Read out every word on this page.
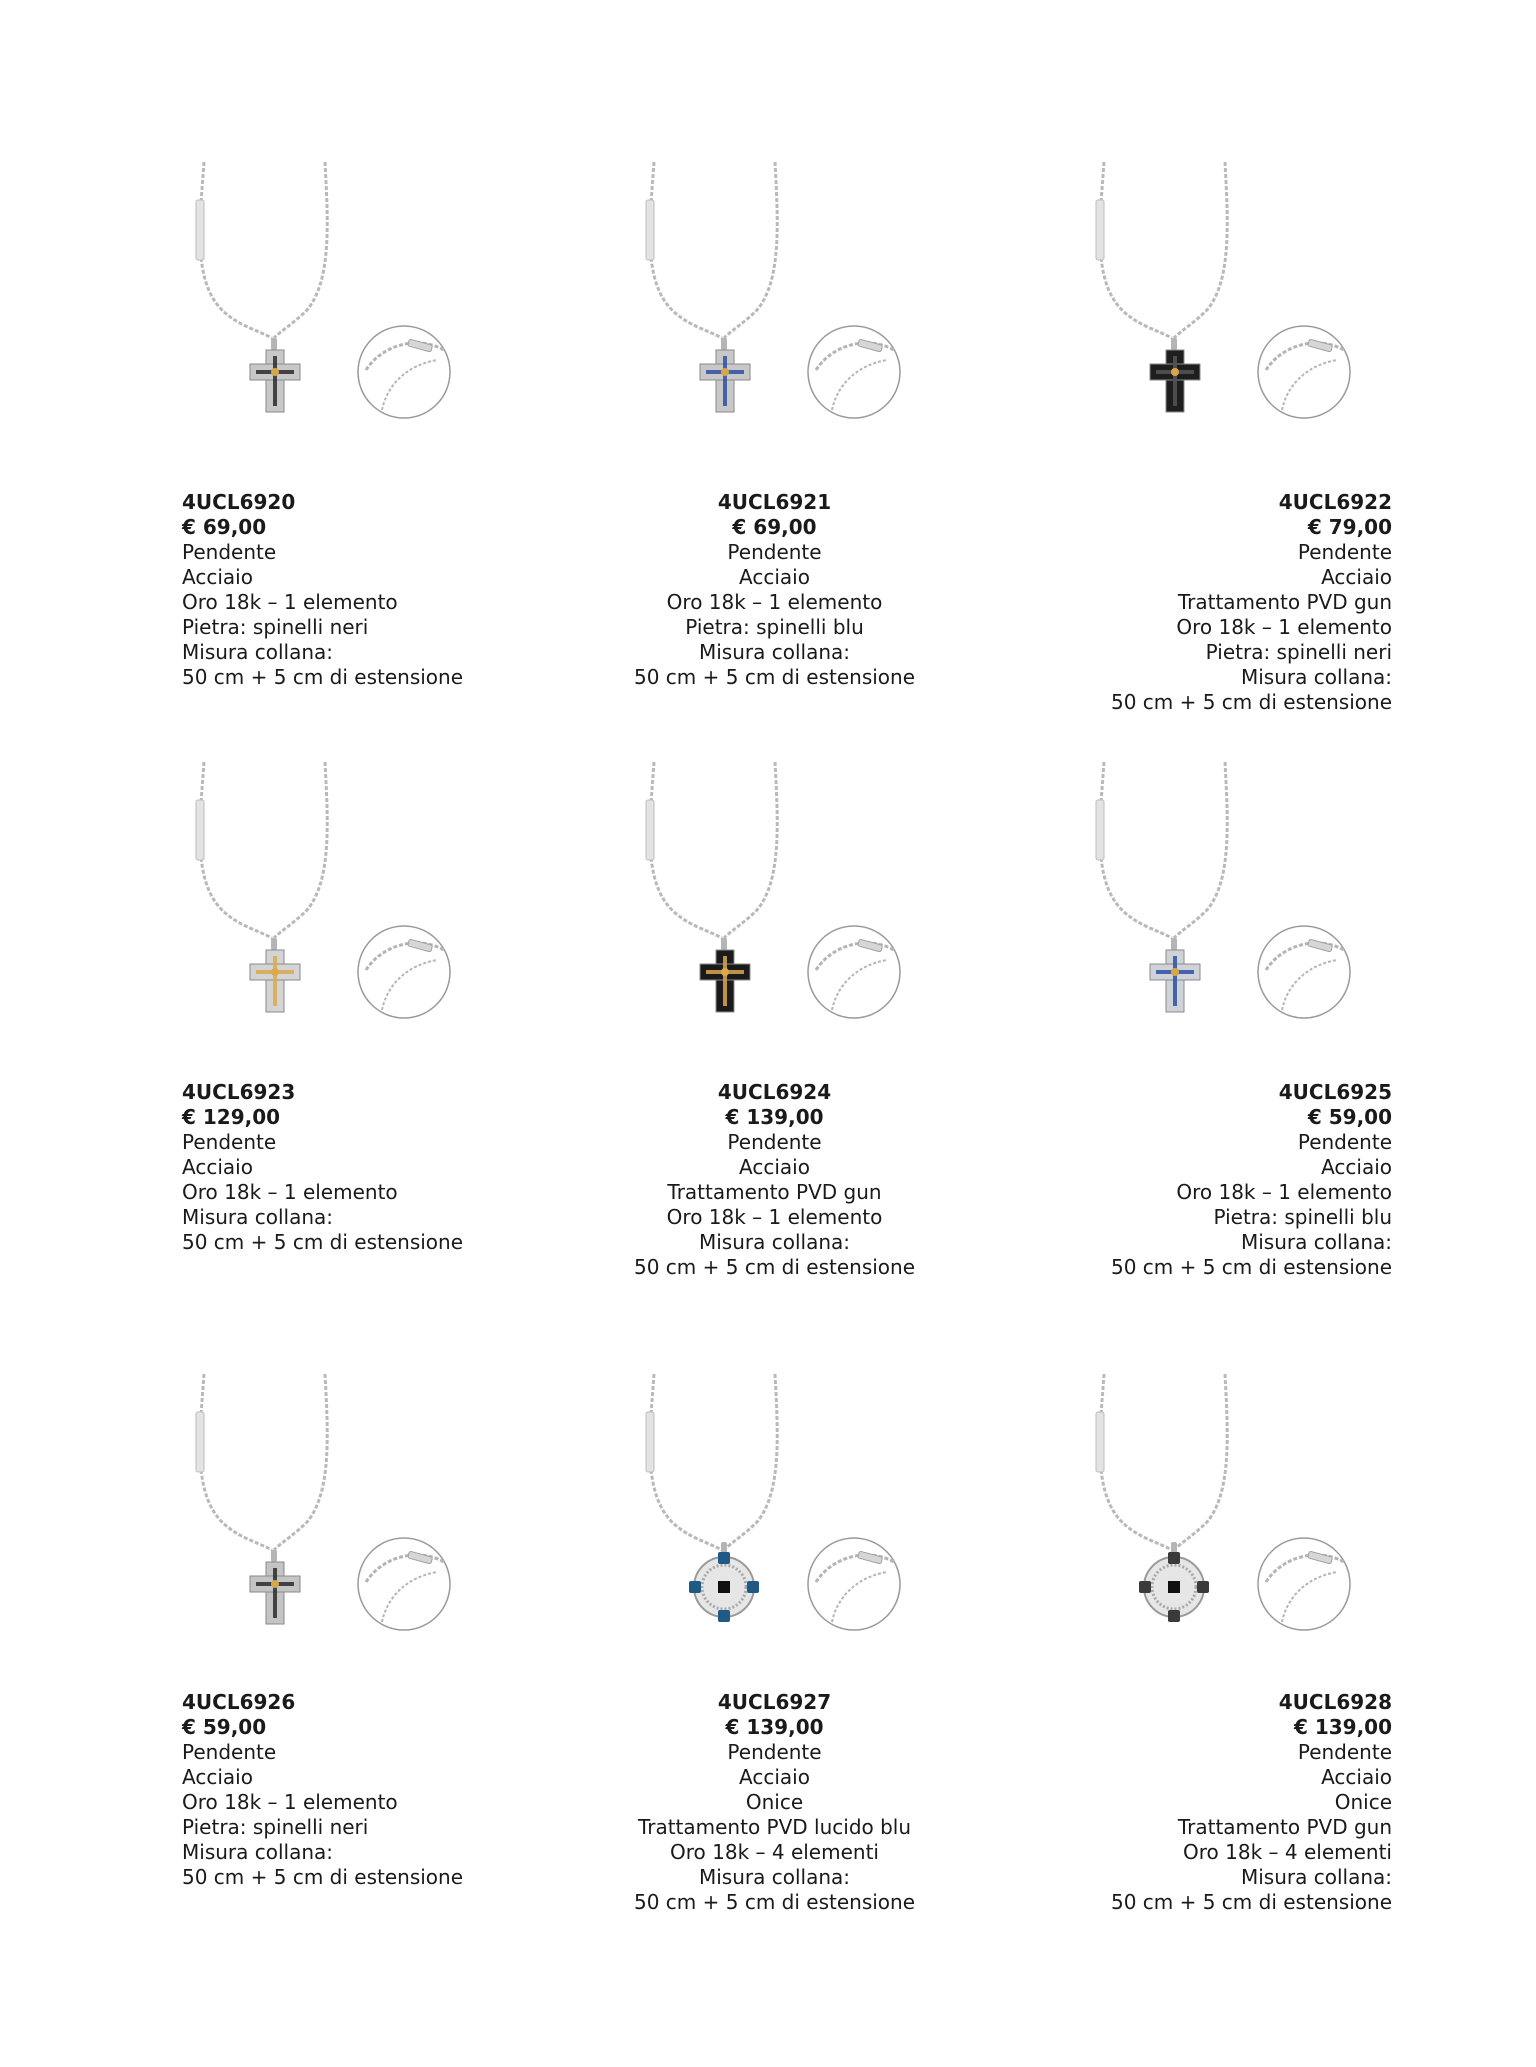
4UCL6920
€ 69,00
Pendente
Acciaio
Oro 18k – 1 elemento
Pietra: spinelli neri
Misura collana:
50 cm + 5 cm di estensione
4UCL6921
€ 69,00
Pendente
Acciaio
Oro 18k – 1 elemento
Pietra: spinelli blu
Misura collana:
50 cm + 5 cm di estensione
4UCL6922
€ 79,00
Pendente
Acciaio
Trattamento PVD gun
Oro 18k – 1 elemento
Pietra: spinelli neri
Misura collana:
50 cm + 5 cm di estensione
4UCL6923
€ 129,00
Pendente
Acciaio
Oro 18k – 1 elemento
Misura collana:
50 cm + 5 cm di estensione
4UCL6924
€ 139,00
Pendente
Acciaio
Trattamento PVD gun
Oro 18k – 1 elemento
Misura collana:
50 cm + 5 cm di estensione
4UCL6925
€ 59,00
Pendente
Acciaio
Oro 18k – 1 elemento
Pietra: spinelli blu
Misura collana:
50 cm + 5 cm di estensione
4UCL6926
€ 59,00
Pendente
Acciaio
Oro 18k – 1 elemento
Pietra: spinelli neri
Misura collana:
50 cm + 5 cm di estensione
4UCL6927
€ 139,00
Pendente
Acciaio
Onice
Trattamento PVD lucido blu
Oro 18k – 4 elementi
Misura collana:
50 cm + 5 cm di estensione
4UCL6928
€ 139,00
Pendente
Acciaio
Onice
Trattamento PVD gun
Oro 18k – 4 elementi
Misura collana:
50 cm + 5 cm di estensione
